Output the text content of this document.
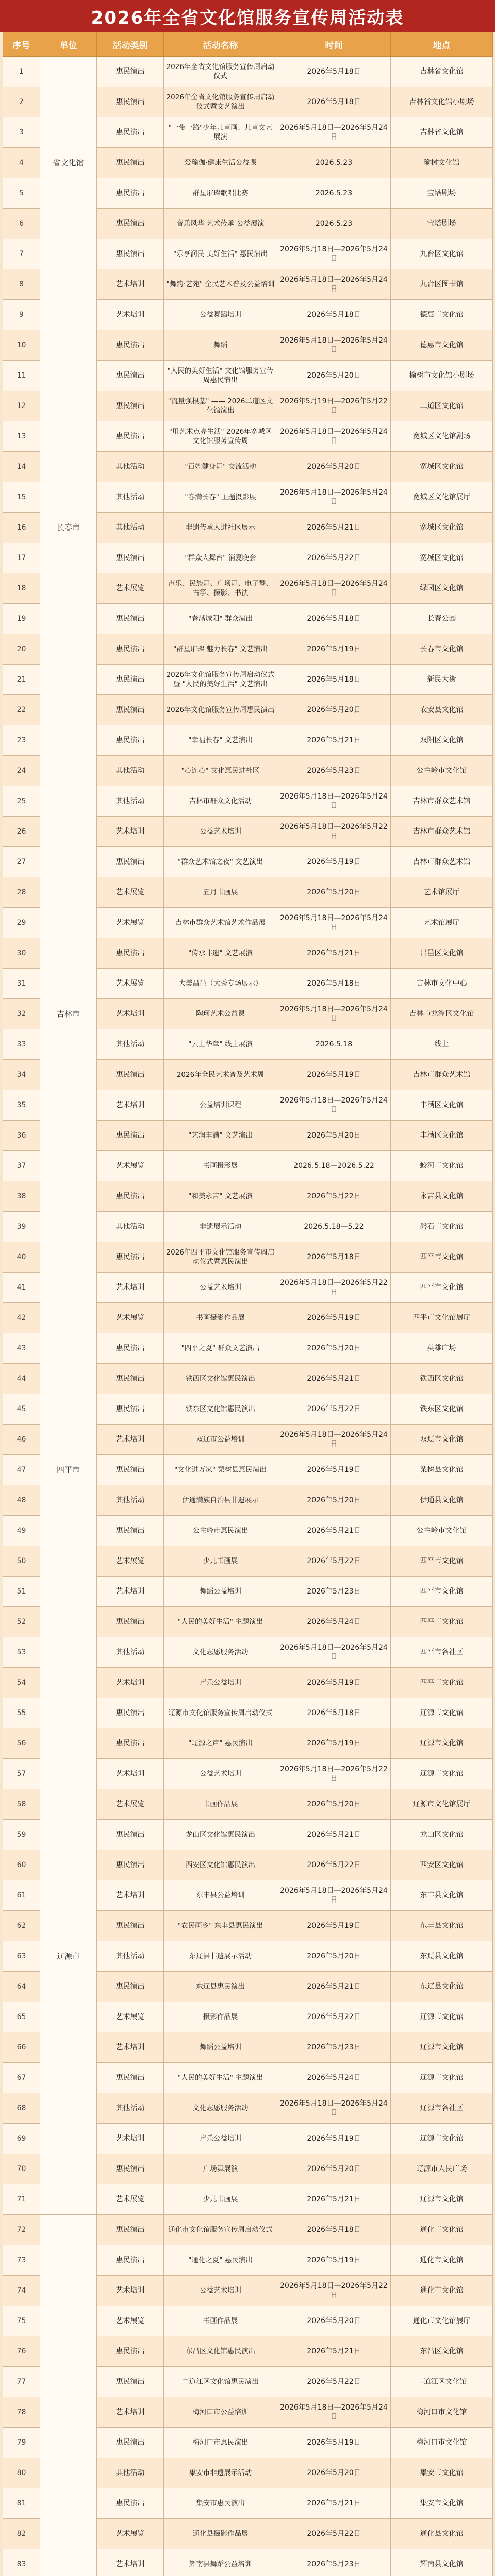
2026年全省文化馆服务宣传周活动表
序号	单位	活动类别	活动名称	时间	地点
1	省文化馆	惠民演出	2026年全省文化馆服务宣传周启动仪式	2026年5月18日	吉林省文化馆
2		惠民演出	2026年全省文化馆服务宣传周启动仪式暨文艺演出	2026年5月18日	吉林省文化馆小剧场
3		惠民演出	"一带一路"少年儿童画、儿童文艺展演	2026年5月18日—2026年5月24日	吉林省文化馆
4		惠民演出	爱瑜伽·健康生活公益课	2026.5.23	瑜树文化馆
5		惠民演出	群星璀璨歌唱比赛	2026.5.23	宝塔剧场
6		惠民演出	音乐风华 艺术传承 公益展演	2026.5.23	宝塔剧场
7		惠民演出	"乐享润民 美好生活" 惠民演出	2026年5月18日—2026年5月24日	九台区文化馆
8	长春市	艺术培训	"舞韵·艺苑" 全民艺术普及公益培训	2026年5月18日—2026年5月24日	九台区图书馆
9		艺术培训	公益舞蹈培训	2026年5月18日	德惠市文化馆
10		惠民演出	舞蹈	2026年5月18日—2026年5月24日	德惠市文化馆
11		惠民演出	"人民的美好生活" 文化馆服务宣传周惠民演出	2026年5月20日	榆树市文化馆小剧场
12		惠民演出	"流量强根基" —— 2026二道区文化馆演出	2026年5月19日—2026年5月22日	二道区文化馆
13		惠民演出	"用艺术点亮生活" 2026年宽城区文化馆服务宣传周	2026年5月18日—2026年5月24日	宽城区文化馆剧场
14		其他活动	"百姓健身舞" 交流活动	2026年5月20日	宽城区文化馆
15		其他活动	"春满长春" 主题摄影展	2026年5月18日—2026年5月24日	宽城区文化馆展厅
16		其他活动	非遗传承人进社区展示	2026年5月21日	宽城区文化馆
17		惠民演出	"群众大舞台" 消夏晚会	2026年5月22日	宽城区文化馆
18		艺术展览	声乐、民族舞、广场舞、电子琴、古筝、摄影、书法	2026年5月18日—2026年5月24日	绿园区文化馆
19		惠民演出	"春满城阳" 群众演出	2026年5月18日	长春公园
20		惠民演出	"群星璀璨 魅力长春" 文艺演出	2026年5月19日	长春市文化馆
21		惠民演出	2026年文化馆服务宣传周启动仪式暨 "人民的美好生活" 文艺演出	2026年5月18日	新民大街
22		惠民演出	2026年文化馆服务宣传周惠民演出	2026年5月20日	农安县文化馆
23		惠民演出	"幸福长春" 文艺演出	2026年5月21日	双阳区文化馆
24		其他活动	"心连心" 文化惠民进社区	2026年5月23日	公主岭市文化馆
25	吉林市	其他活动	吉林市群众文化活动	2026年5月18日—2026年5月24日	吉林市群众艺术馆
26		艺术培训	公益艺术培训	2026年5月18日—2026年5月22日	吉林市群众艺术馆
27		惠民演出	"群众艺术馆之夜" 文艺演出	2026年5月19日	吉林市群众艺术馆
28		艺术展览	五月书画展	2026年5月20日	艺术馆展厅
29		艺术展览	吉林市群众艺术馆艺术作品展	2026年5月18日—2026年5月24日	艺术馆展厅
30		惠民演出	"传承非遗" 文艺展演	2026年5月21日	昌邑区文化馆
31		艺术展览	大美昌邑（大秀专场展示）	2026年5月18日	吉林市文化中心
32		艺术培训	陶珂艺术公益课	2026年5月18日—2026年5月24日	吉林市龙潭区文化馆
33		其他活动	"云上华章" 线上展演	2026.5.18	线上
34		惠民演出	2026年全民艺术普及艺术周	2026年5月19日	吉林市群众艺术馆
35		艺术培训	公益培训课程	2026年5月18日—2026年5月24日	丰满区文化馆
36		惠民演出	"艺润丰满" 文艺演出	2026年5月20日	丰满区文化馆
37		艺术展览	书画摄影展	2026.5.18—2026.5.22	蛟河市文化馆
38		惠民演出	"和美永吉" 文艺展演	2026年5月22日	永吉县文化馆
39		其他活动	非遗展示活动	2026.5.18—5.22	磐石市文化馆
40	四平市	惠民演出	2026年四平市文化馆服务宣传周启动仪式暨惠民演出	2026年5月18日	四平市文化馆
41		艺术培训	公益艺术培训	2026年5月18日—2026年5月22日	四平市文化馆
42		艺术展览	书画摄影作品展	2026年5月19日	四平市文化馆展厅
43		惠民演出	"四平之夏" 群众文艺演出	2026年5月20日	英雄广场
44		惠民演出	铁西区文化馆惠民演出	2026年5月21日	铁西区文化馆
45		惠民演出	铁东区文化馆惠民演出	2026年5月22日	铁东区文化馆
46		艺术培训	双辽市公益培训	2026年5月18日—2026年5月24日	双辽市文化馆
47		惠民演出	"文化进万家" 梨树县惠民演出	2026年5月19日	梨树县文化馆
48		其他活动	伊通满族自治县非遗展示	2026年5月20日	伊通县文化馆
49		惠民演出	公主岭市惠民演出	2026年5月21日	公主岭市文化馆
50		艺术展览	少儿书画展	2026年5月22日	四平市文化馆
51		艺术培训	舞蹈公益培训	2026年5月23日	四平市文化馆
52		惠民演出	"人民的美好生活" 主题演出	2026年5月24日	四平市文化馆
53		其他活动	文化志愿服务活动	2026年5月18日—2026年5月24日	四平市各社区
54		艺术培训	声乐公益培训	2026年5月19日	四平市文化馆
55	辽源市	惠民演出	辽源市文化馆服务宣传周启动仪式	2026年5月18日	辽源市文化馆
56		惠民演出	"辽源之声" 惠民演出	2026年5月19日	辽源市文化馆
57		艺术培训	公益艺术培训	2026年5月18日—2026年5月22日	辽源市文化馆
58		艺术展览	书画作品展	2026年5月20日	辽源市文化馆展厅
59		惠民演出	龙山区文化馆惠民演出	2026年5月21日	龙山区文化馆
60		惠民演出	西安区文化馆惠民演出	2026年5月22日	西安区文化馆
61		艺术培训	东丰县公益培训	2026年5月18日—2026年5月24日	东丰县文化馆
62		惠民演出	"农民画乡" 东丰县惠民演出	2026年5月19日	东丰县文化馆
63		其他活动	东辽县非遗展示活动	2026年5月20日	东辽县文化馆
64		惠民演出	东辽县惠民演出	2026年5月21日	东辽县文化馆
65		艺术展览	摄影作品展	2026年5月22日	辽源市文化馆
66		艺术培训	舞蹈公益培训	2026年5月23日	辽源市文化馆
67		惠民演出	"人民的美好生活" 主题演出	2026年5月24日	辽源市文化馆
68		其他活动	文化志愿服务活动	2026年5月18日—2026年5月24日	辽源市各社区
69		艺术培训	声乐公益培训	2026年5月19日	辽源市文化馆
70		惠民演出	广场舞展演	2026年5月20日	辽源市人民广场
71		艺术展览	少儿书画展	2026年5月21日	辽源市文化馆
72		惠民演出	通化市文化馆服务宣传周启动仪式	2026年5月18日	通化市文化馆
73		惠民演出	"通化之夏" 惠民演出	2026年5月19日	通化市文化馆
74		艺术培训	公益艺术培训	2026年5月18日—2026年5月22日	通化市文化馆
75		艺术展览	书画作品展	2026年5月20日	通化市文化馆展厅
76		惠民演出	东昌区文化馆惠民演出	2026年5月21日	东昌区文化馆
77		惠民演出	二道江区文化馆惠民演出	2026年5月22日	二道江区文化馆
78		艺术培训	梅河口市公益培训	2026年5月18日—2026年5月24日	梅河口市文化馆
79		惠民演出	梅河口市惠民演出	2026年5月19日	梅河口市文化馆
80		其他活动	集安市非遗展示活动	2026年5月20日	集安市文化馆
81		惠民演出	集安市惠民演出	2026年5月21日	集安市文化馆
82		艺术展览	通化县摄影作品展	2026年5月22日	通化县文化馆
83		艺术培训	辉南县舞蹈公益培训	2026年5月23日	辉南县文化馆
